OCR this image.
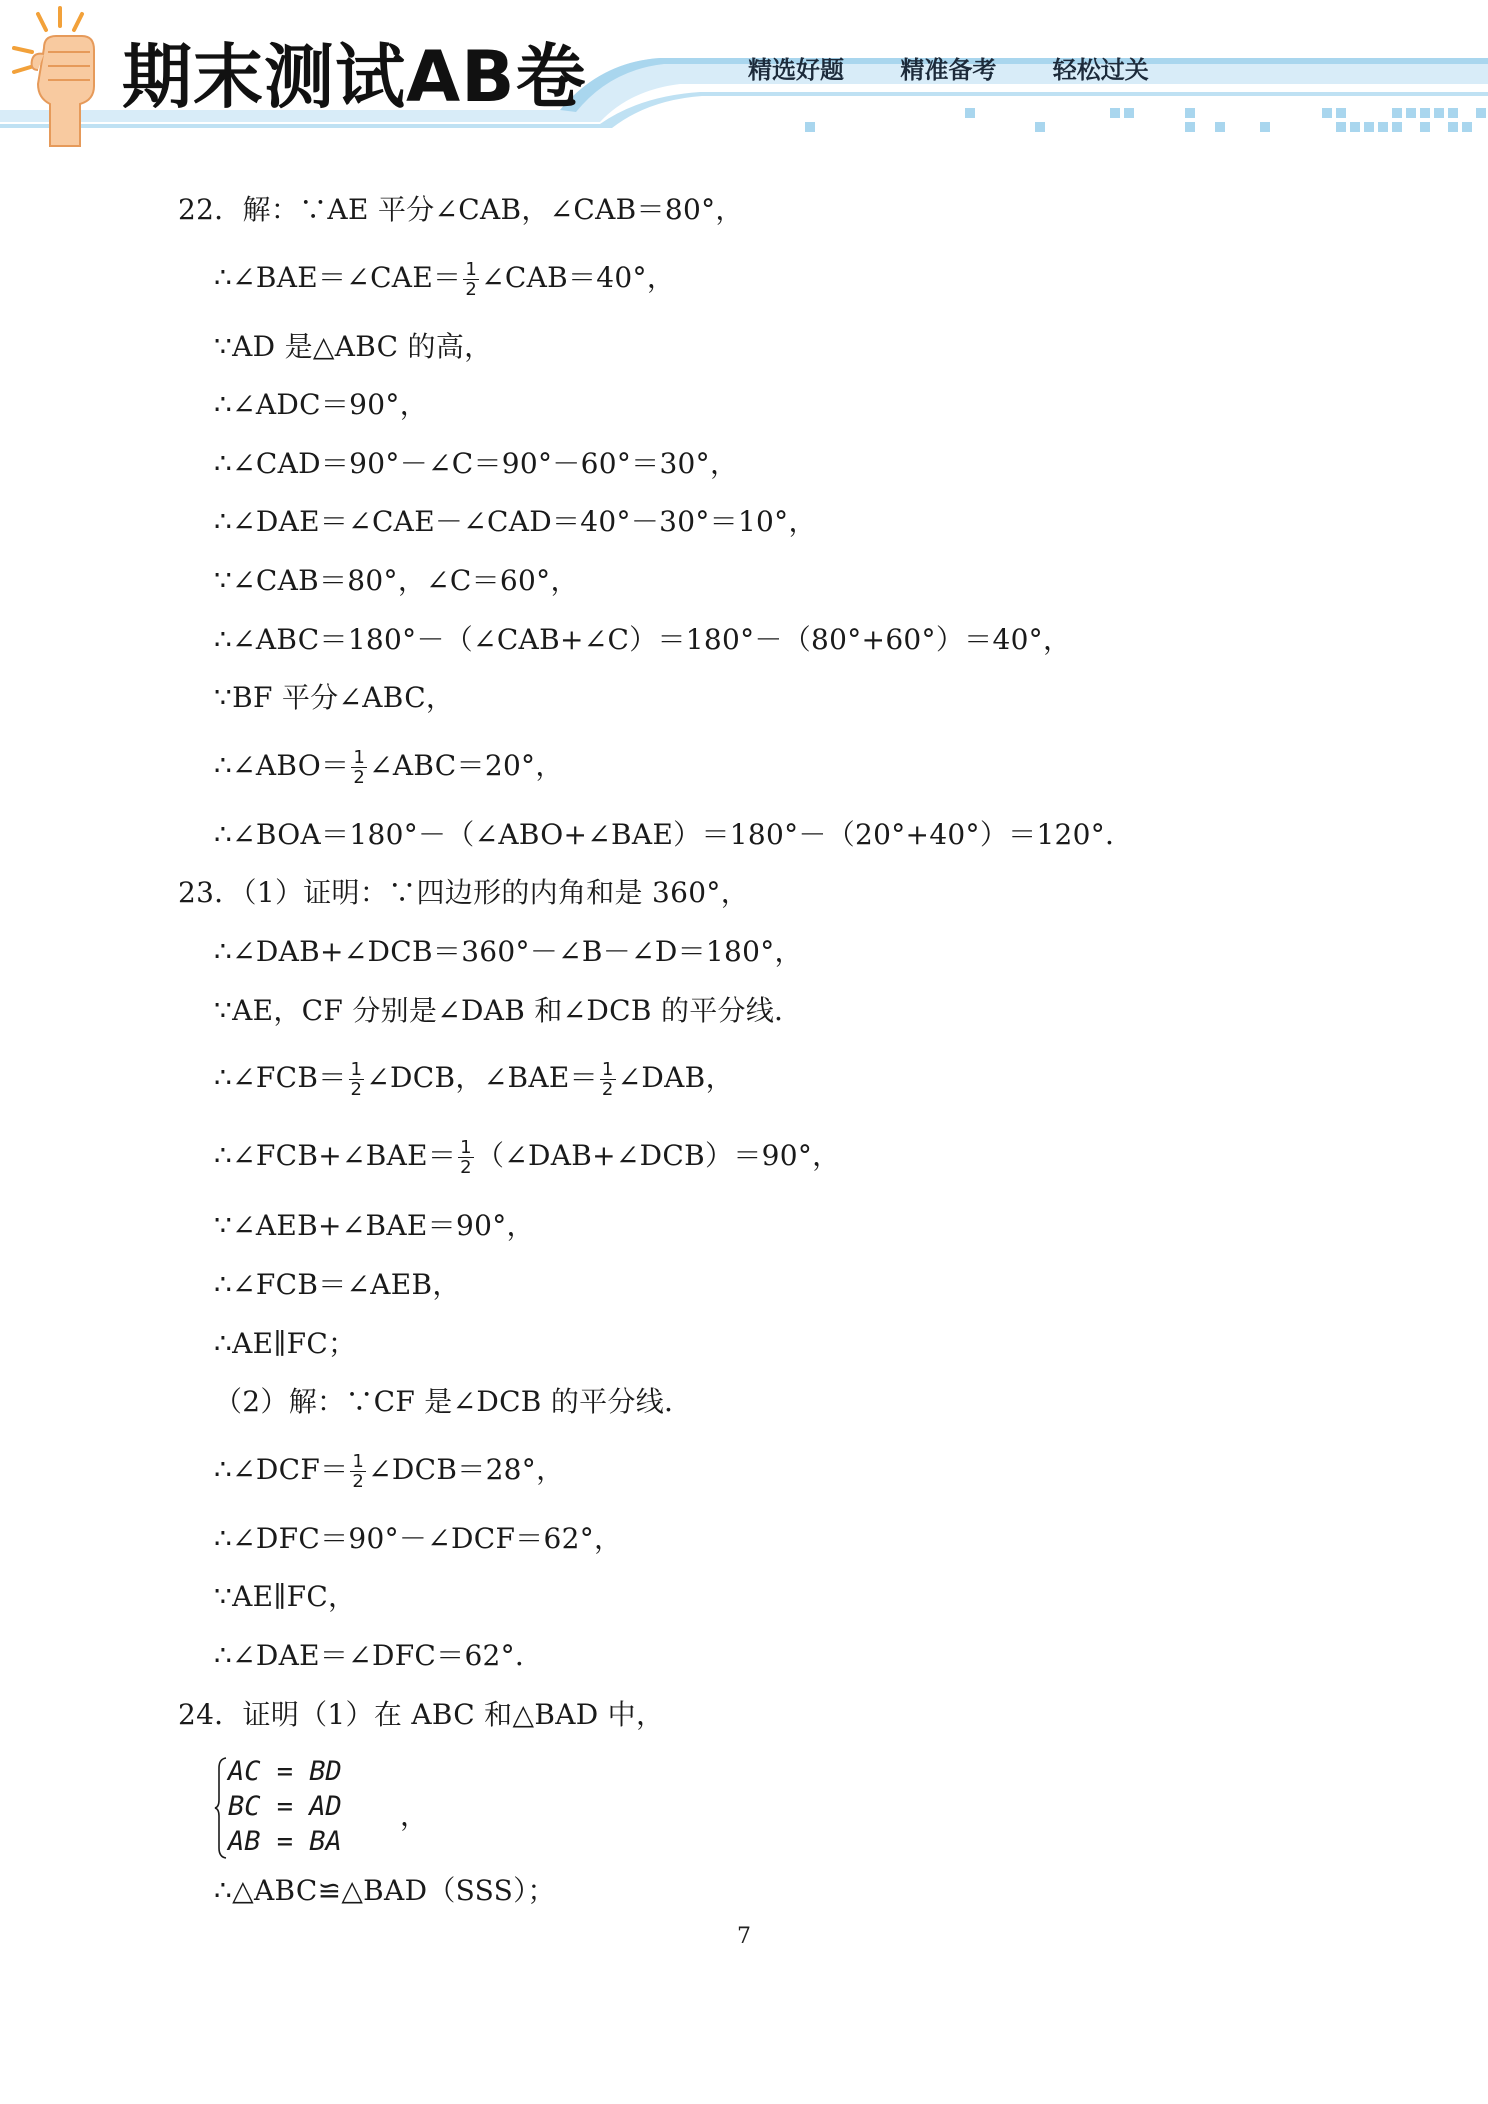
期末测试AB卷	精选好题 精准备考 轻松过关
22．解：∵AE 平分∠CAB，∠CAB＝80°，
∴∠BAE＝∠CAE＝ $\frac{1}{2}$ ∠CAB＝40°，
∵AD 是△ABC 的高，
∴∠ADC＝90°，
∴∠CAD＝90°－∠C＝90°－60°＝30°，
∴∠DAE＝∠CAE－∠CAD＝40°－30°＝10°，
∵∠CAB＝80°，∠C＝60°，
∴∠ABC＝180°－（∠CAB+∠C）＝180°－（80°+60°）＝40°，
∵BF 平分∠ABC，
∴∠ABO＝ $\frac{1}{2}$ ∠ABC＝20°，
∴∠BOA＝180°－（∠ABO+∠BAE）＝180°－（20°+40°）＝120°．
23．（1）证明：∵四边形的内角和是 360°，
∴∠DAB+∠DCB＝360°－∠B－∠D＝180°，
∵AE，CF 分别是∠DAB 和∠DCB 的平分线．
∴∠FCB＝ $\frac{1}{2}$ ∠DCB，∠BAE＝ $\frac{1}{2}$ ∠DAB，
∴∠FCB+∠BAE＝ $\frac{1}{2}$ （∠DAB+∠DCB）＝90°，
∵∠AEB+∠BAE＝90°，
∴∠FCB＝∠AEB，
∴AE∥FC；
（2）解：∵CF 是∠DCB 的平分线．
∴∠DCF＝ $\frac{1}{2}$ ∠DCB＝28°，
∴∠DFC＝90°－∠DCF＝62°，
∵AE∥FC，
∴∠DAE＝∠DFC＝62°．
24．证明（1）在 ABC 和△BAD 中，
AC = BD
BC = AD
AB = BA
，
∴△ABC≌△BAD（SSS）；
7
